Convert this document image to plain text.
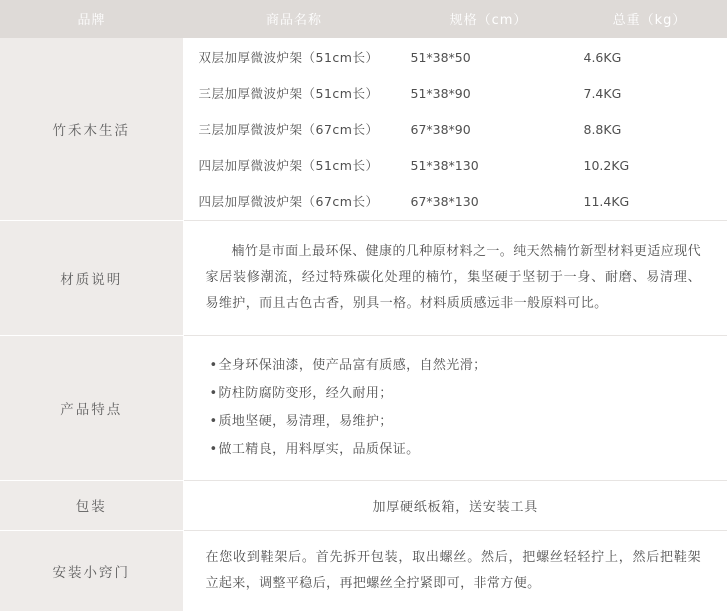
品牌	商品名称	规格（cm）	总重（kg）
竹禾木生活	
双层加厚微波炉架（51cm长）	51*38*50	4.6KG
三层加厚微波炉架（51cm长）	51*38*90	7.4KG
三层加厚微波炉架（67cm长）	67*38*90	8.8KG
四层加厚微波炉架（51cm长）	51*38*130	10.2KG
四层加厚微波炉架（67cm长）	67*38*130	11.4KG

材质说明	
楠竹是市面上最环保、健康的几种原材料之一。纯天然楠竹新型材料更适应现代家居装修潮流，经过特殊碳化处理的楠竹，集坚硬于坚韧于一身、耐磨、易清理、易维护，而且古色古香，别具一格。材料质质感远非一般原料可比。

产品特点	
•全身环保油漆，使产品富有质感，自然光滑；
•防柱防腐防变形，经久耐用；
•质地坚硬，易清理，易维护；
•做工精良，用料厚实，品质保证。

包装	加厚硬纸板箱，送安装工具
安装小窍门	在您收到鞋架后。首先拆开包装，取出螺丝。然后，把螺丝轻轻拧上，然后把鞋架立起来，调整平稳后，再把螺丝全拧紧即可，非常方便。
